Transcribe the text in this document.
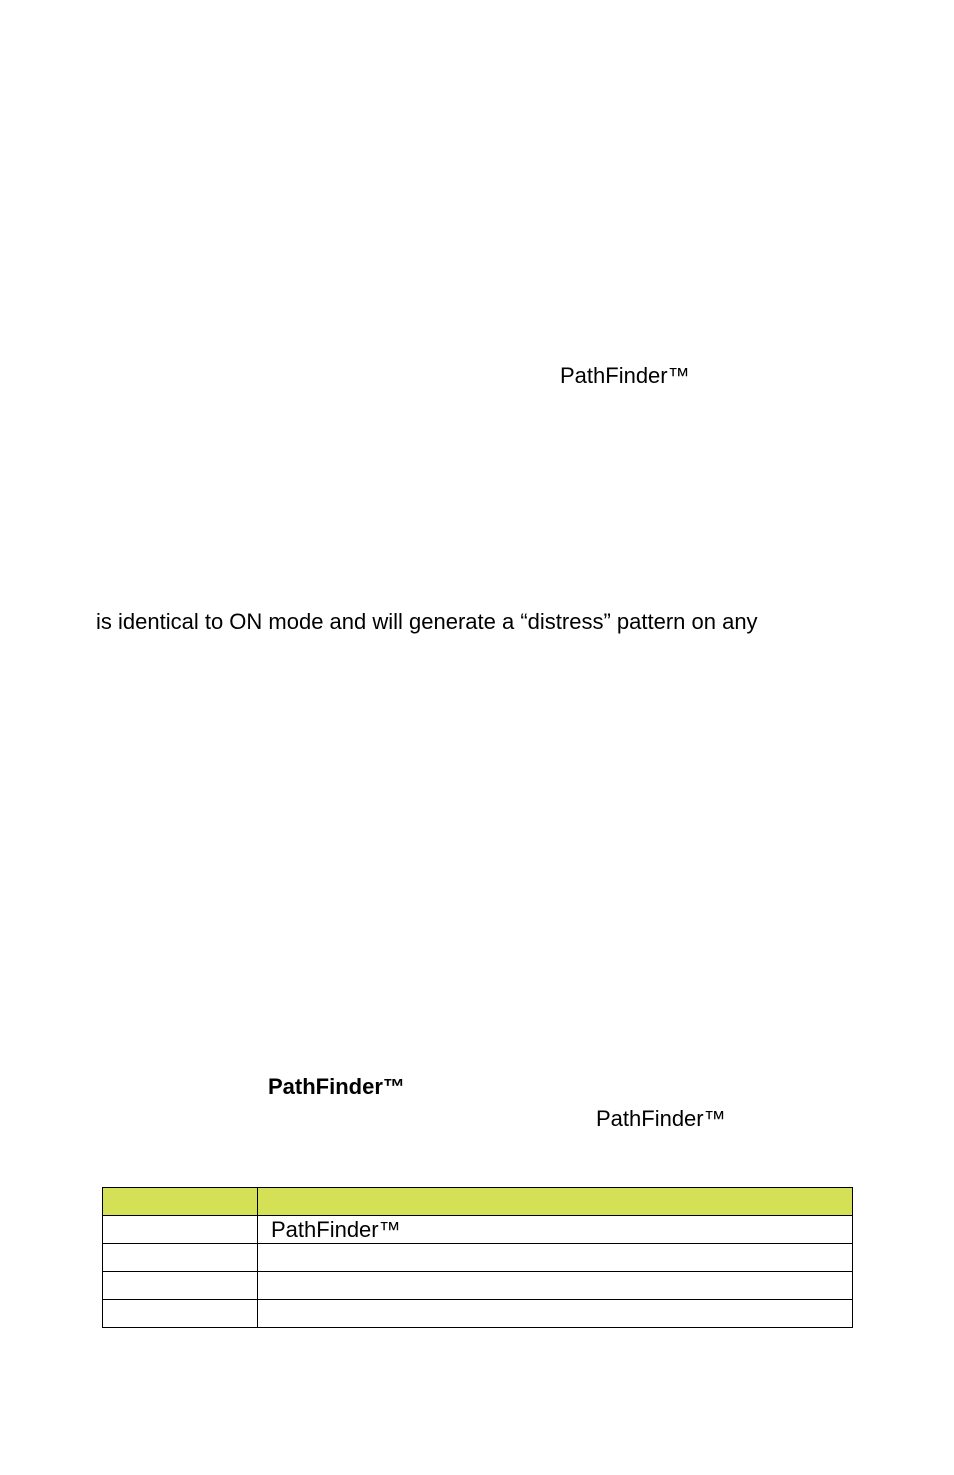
PathFinder™
is identical to ON mode and will generate a “distress” pattern on any
PathFinder™
PathFinder™

	PathFinder™
